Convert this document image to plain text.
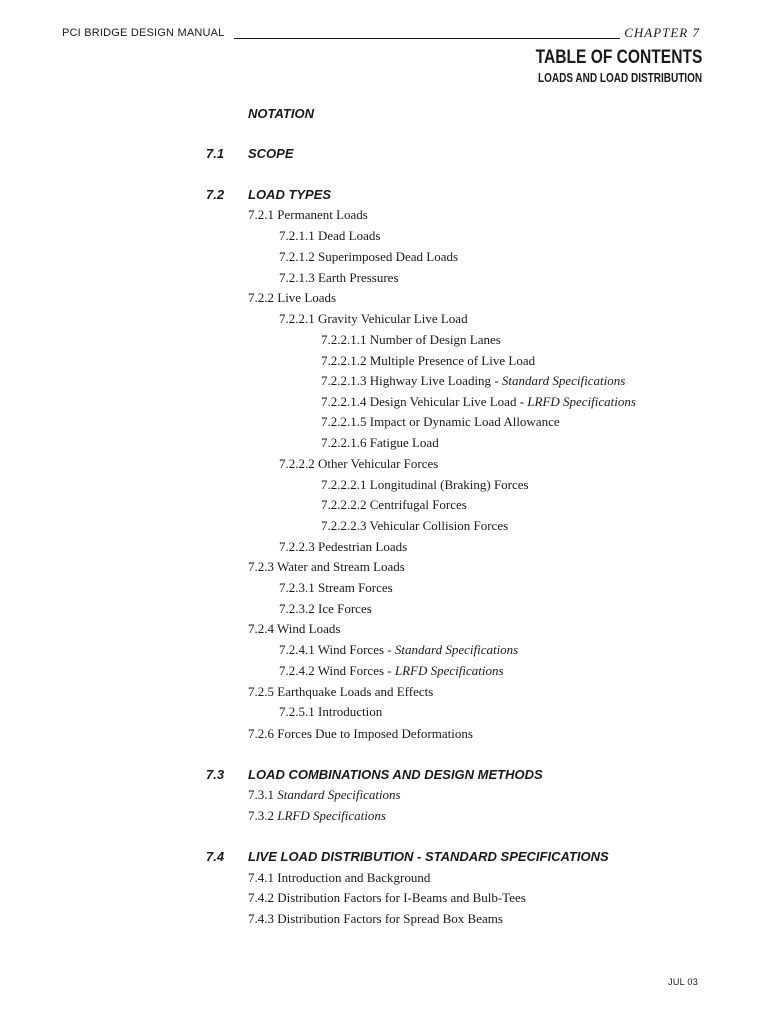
PCI BRIDGE DESIGN MANUAL	CHAPTER 7
TABLE OF CONTENTS
LOADS AND LOAD DISTRIBUTION
NOTATION
7.1 SCOPE
7.2 LOAD TYPES
7.3 LOAD COMBINATIONS AND DESIGN METHODS
7.4 LIVE LOAD DISTRIBUTION - STANDARD SPECIFICATIONS
7.2.1 Permanent Loads
7.2.1.1 Dead Loads
7.2.1.2 Superimposed Dead Loads
7.2.1.3 Earth Pressures
7.2.2 Live Loads
7.2.2.1 Gravity Vehicular Live Load
7.2.2.1.1 Number of Design Lanes
7.2.2.1.2 Multiple Presence of Live Load
7.2.2.1.3 Highway Live Loading - Standard Specifications
7.2.2.1.4 Design Vehicular Live Load - LRFD Specifications
7.2.2.1.5 Impact or Dynamic Load Allowance
7.2.2.1.6 Fatigue Load
7.2.2.2 Other Vehicular Forces
7.2.2.2.1 Longitudinal (Braking) Forces
7.2.2.2.2 Centrifugal Forces
7.2.2.2.3 Vehicular Collision Forces
7.2.2.3 Pedestrian Loads
7.2.3 Water and Stream Loads
7.2.3.1 Stream Forces
7.2.3.2 Ice Forces
7.2.4 Wind Loads
7.2.4.1 Wind Forces - Standard Specifications
7.2.4.2 Wind Forces - LRFD Specifications
7.2.5 Earthquake Loads and Effects
7.2.5.1 Introduction
7.2.6 Forces Due to Imposed Deformations
7.3.1 Standard Specifications
7.3.2 LRFD Specifications
7.4.1 Introduction and Background
7.4.2 Distribution Factors for I-Beams and Bulb-Tees
7.4.3 Distribution Factors for Spread Box Beams
JUL 03
